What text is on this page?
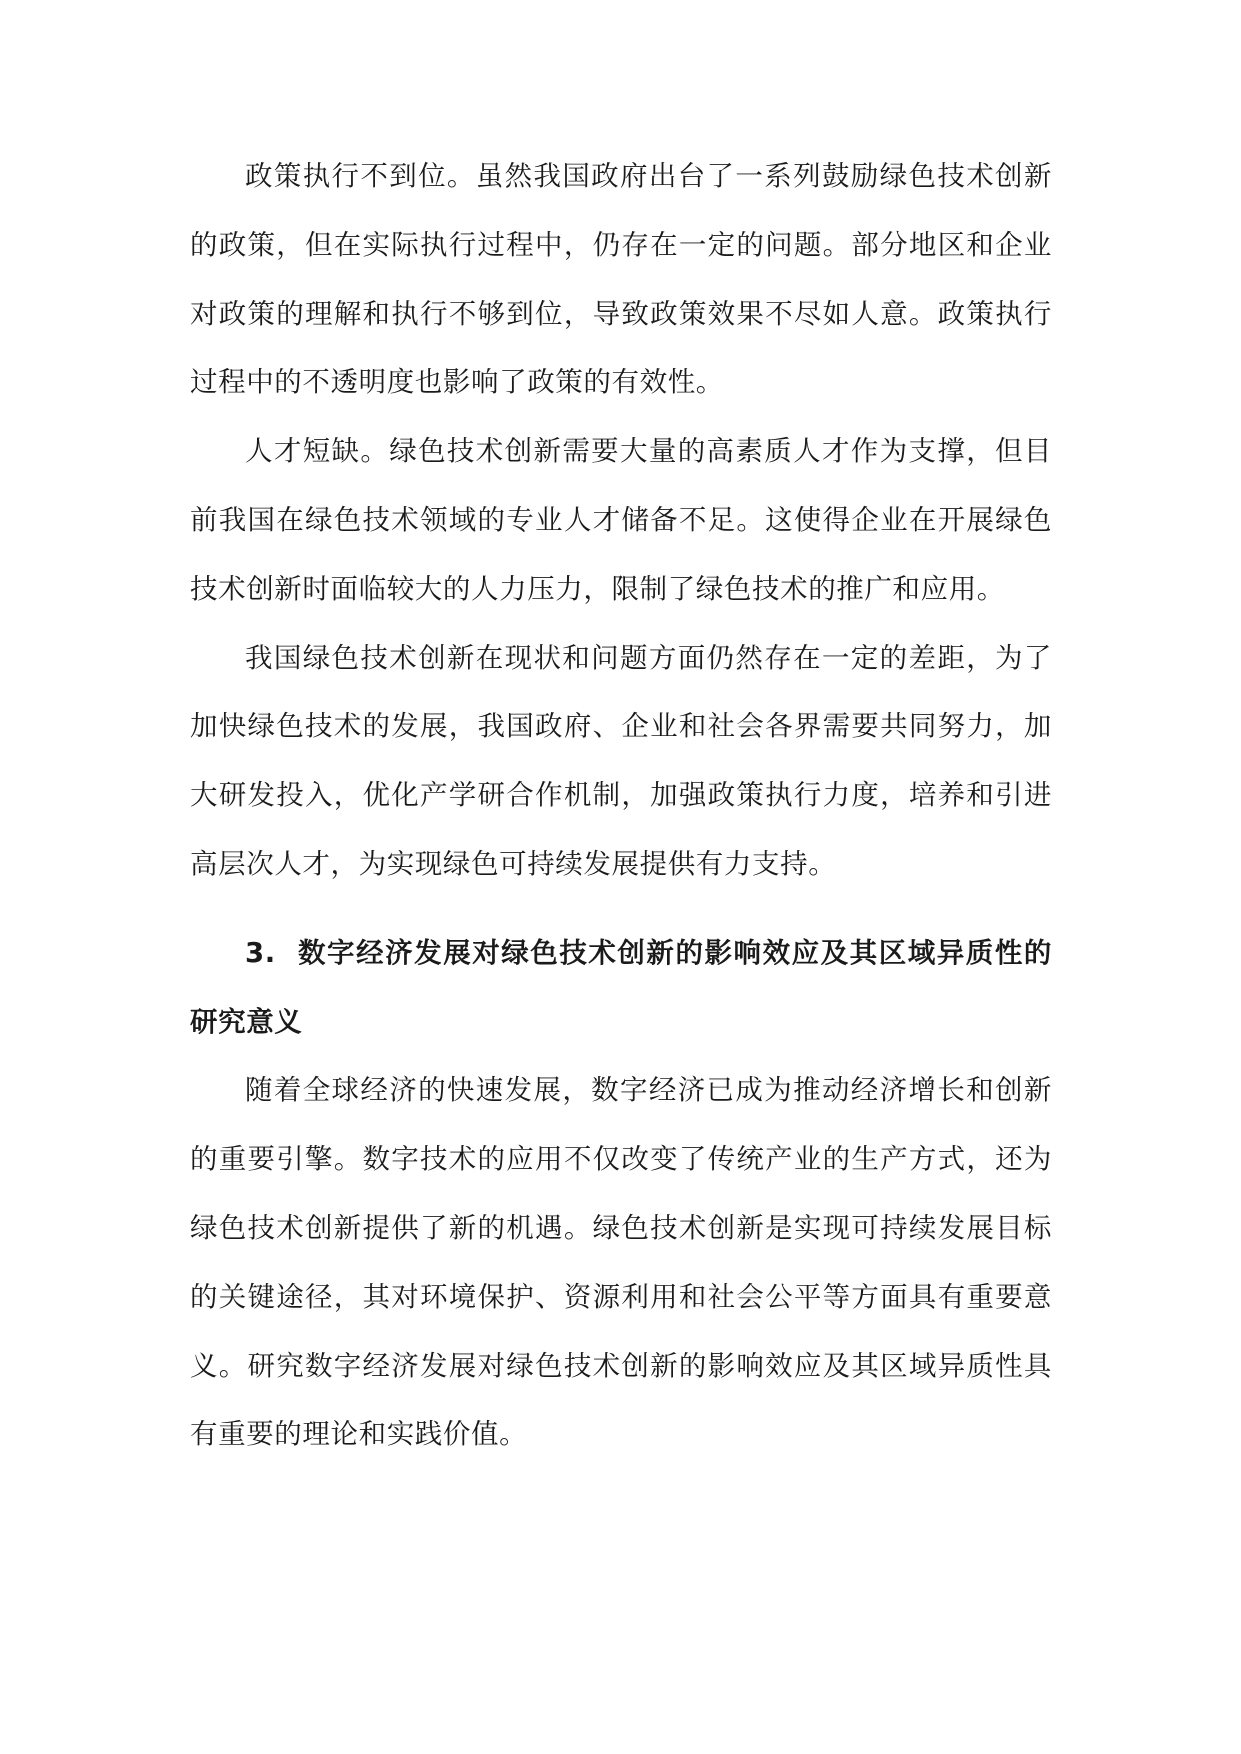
政策执行不到位。虽然我国政府出台了一系列鼓励绿色技术创新的政策，但在实际执行过程中，仍存在一定的问题。部分地区和企业对政策的理解和执行不够到位，导致政策效果不尽如人意。政策执行过程中的不透明度也影响了政策的有效性。

人才短缺。绿色技术创新需要大量的高素质人才作为支撑，但目前我国在绿色技术领域的专业人才储备不足。这使得企业在开展绿色技术创新时面临较大的人力压力，限制了绿色技术的推广和应用。

我国绿色技术创新在现状和问题方面仍然存在一定的差距，为了加快绿色技术的发展，我国政府、企业和社会各界需要共同努力，加大研发投入，优化产学研合作机制，加强政策执行力度，培养和引进高层次人才，为实现绿色可持续发展提供有力支持。

3. 数字经济发展对绿色技术创新的影响效应及其区域异质性的研究意义

随着全球经济的快速发展，数字经济已成为推动经济增长和创新的重要引擎。数字技术的应用不仅改变了传统产业的生产方式，还为绿色技术创新提供了新的机遇。绿色技术创新是实现可持续发展目标的关键途径，其对环境保护、资源利用和社会公平等方面具有重要意义。研究数字经济发展对绿色技术创新的影响效应及其区域异质性具有重要的理论和实践价值。
